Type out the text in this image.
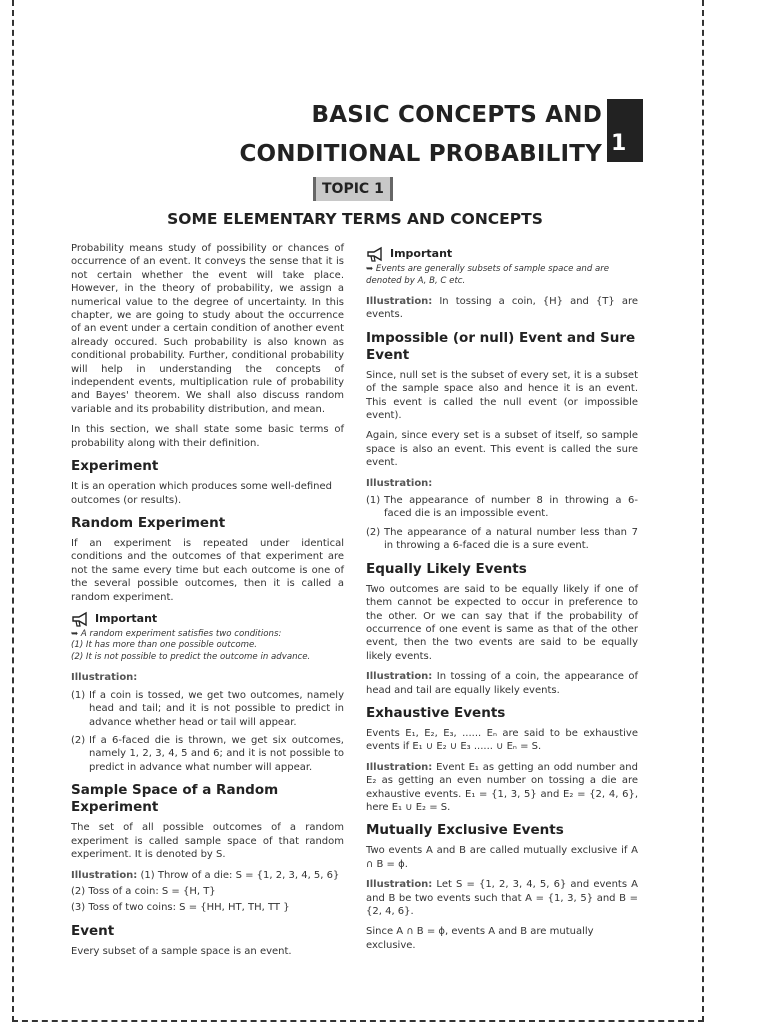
BASIC CONCEPTS AND
CONDITIONAL PROBABILITY 1
TOPIC 1
SOME ELEMENTARY TERMS AND CONCEPTS

Probability means study of possibility or chances of occurrence of an event. It conveys the sense that it is not certain whether the event will take place. However, in the theory of probability, we assign a numerical value to the degree of uncertainty. In this chapter, we are going to study about the occurrence of an event under a certain condition of another event already occured. Such probability is also known as conditional probability. Further, conditional probability will help in understanding the concepts of independent events, multiplication rule of probability and Bayes' theorem. We shall also discuss random variable and its probability distribution, and mean.

In this section, we shall state some basic terms of probability along with their definition.

Experiment

It is an operation which produces some well-defined outcomes (or results).

Random Experiment

If an experiment is repeated under identical conditions and the outcomes of that experiment are not the same every time but each outcome is one of the several possible outcomes, then it is called a random experiment.

Important
➥ A random experiment satisfies two conditions:
(1) It has more than one possible outcome.
(2) It is not possible to predict the outcome in advance.
Illustration:
(1) If a coin is tossed, we get two outcomes, namely head and tail; and it is not possible to predict in advance whether head or tail will appear.
(2) If a 6-faced die is thrown, we get six outcomes, namely 1, 2, 3, 4, 5 and 6; and it is not possible to predict in advance what number will appear.
Sample Space of a Random Experiment

The set of all possible outcomes of a random experiment is called sample space of that random experiment. It is denoted by S.

Illustration: (1) Throw of a die: S = {1, 2, 3, 4, 5, 6}
(2) Toss of a coin: S = {H, T}
(3) Toss of two coins: S = {HH, HT, TH, TT }
Event

Every subset of a sample space is an event.

Important
➥ Events are generally subsets of sample space and are denoted by A, B, C etc.

Illustration: In tossing a coin, {H} and {T} are events.

Impossible (or null) Event and Sure Event

Since, null set is the subset of every set, it is a subset of the sample space also and hence it is an event. This event is called the null event (or impossible event).

Again, since every set is a subset of itself, so sample space is also an event. This event is called the sure event.

Illustration:
(1) The appearance of number 8 in throwing a 6-faced die is an impossible event.
(2) The appearance of a natural number less than 7 in throwing a 6-faced die is a sure event.
Equally Likely Events

Two outcomes are said to be equally likely if one of them cannot be expected to occur in preference to the other. Or we can say that if the probability of occurrence of one event is same as that of the other event, then the two events are said to be equally likely events.

Illustration: In tossing of a coin, the appearance of head and tail are equally likely events.

Exhaustive Events

Events E₁, E₂, E₃, ...... Eₙ are said to be exhaustive events if E₁ ∪ E₂ ∪ E₃ ...... ∪ Eₙ = S.

Illustration: Event E₁ as getting an odd number and E₂ as getting an even number on tossing a die are exhaustive events. E₁ = {1, 3, 5} and E₂ = {2, 4, 6}, here E₁ ∪ E₂ = S.

Mutually Exclusive Events

Two events A and B are called mutually exclusive if A ∩ B = ϕ.

Illustration: Let S = {1, 2, 3, 4, 5, 6} and events A and B be two events such that A = {1, 3, 5} and B = {2, 4, 6}.

Since A ∩ B = ϕ, events A and B are mutually exclusive.
